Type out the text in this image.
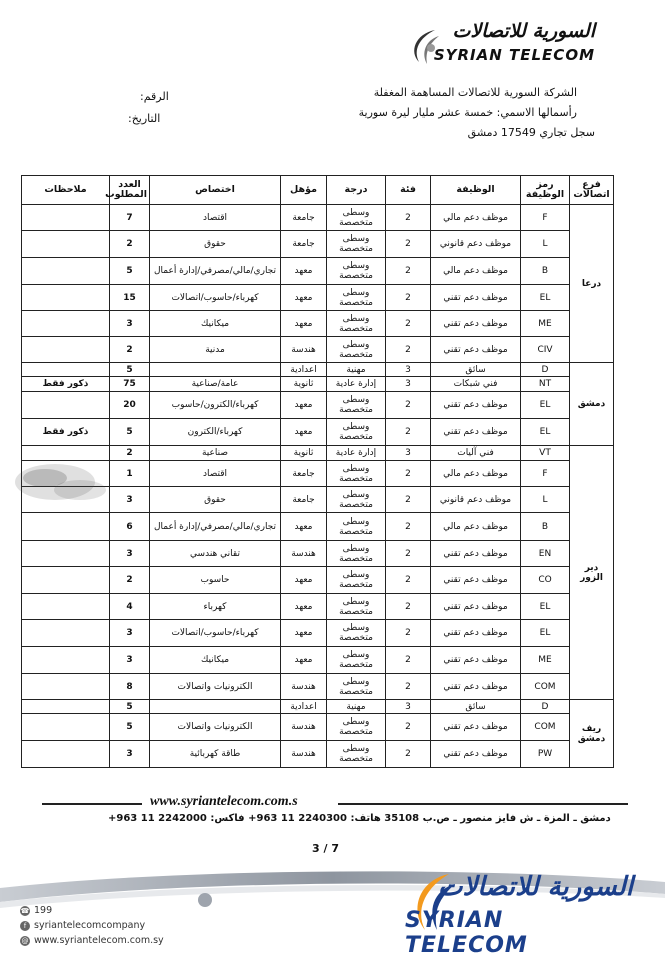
السورية للاتصالات
SYRIAN TELECOM
الشركة السورية للاتصالات المساهمة المغفلة
رأسمالها الاسمي: خمسة عشر مليار ليرة سورية
سجل تجاري 17549 دمشق
الرقم:
التاريخ:
فرع اتصالات	رمز الوظيفة	الوظيفة	فئة	درجة	مؤهل	اختصاص	العدد المطلوب	ملاحظات
درعا	F	موظف دعم مالي	2	وسطى متخصصة	جامعة	اقتصاد	7	
	L	موظف دعم قانوني	2	وسطى متخصصة	جامعة	حقوق	2	
	B	موظف دعم مالي	2	وسطى متخصصة	معهد	تجاري/مالي/مصرفي/إدارة أعمال	5	
	EL	موظف دعم تقني	2	وسطى متخصصة	معهد	كهرباء/حاسوب/اتصالات	15	
	ME	موظف دعم تقني	2	وسطى متخصصة	معهد	ميكانيك	3	
	CIV	موظف دعم تقني	2	وسطى متخصصة	هندسة	مدنية	2	
دمشق	D	سائق	3	مهنية	اعدادية		5	
	NT	فني شبكات	3	إدارة عادية	ثانوية	عامة/صناعية	75	ذكور فقط
	EL	موظف دعم تقني	2	وسطى متخصصة	معهد	كهرباء/الكترون/حاسوب	20	
	EL	موظف دعم تقني	2	وسطى متخصصة	معهد	كهرباء/الكترون	5	ذكور فقط
دير الزور	VT	فني آليات	3	إدارة عادية	ثانوية	صناعية	2	
	F	موظف دعم مالي	2	وسطى متخصصة	جامعة	اقتصاد	1	
	L	موظف دعم قانوني	2	وسطى متخصصة	جامعة	حقوق	3	
	B	موظف دعم مالي	2	وسطى متخصصة	معهد	تجاري/مالي/مصرفي/إدارة أعمال	6	
	EN	موظف دعم تقني	2	وسطى متخصصة	هندسة	تقاني هندسي	3	
	CO	موظف دعم تقني	2	وسطى متخصصة	معهد	حاسوب	2	
	EL	موظف دعم تقني	2	وسطى متخصصة	معهد	كهرباء	4	
	EL	موظف دعم تقني	2	وسطى متخصصة	معهد	كهرباء/حاسوب/اتصالات	3	
	ME	موظف دعم تقني	2	وسطى متخصصة	معهد	ميكانيك	3	
	COM	موظف دعم تقني	2	وسطى متخصصة	هندسة	الكترونيات واتصالات	8	
ريف دمشق	D	سائق	3	مهنية	اعدادية		5	
	COM	موظف دعم تقني	2	وسطى متخصصة	هندسة	الكترونيات واتصالات	5	
	PW	موظف دعم تقني	2	وسطى متخصصة	هندسة	طاقة كهربائية	3	
www.syriantelecom.com.s
دمشق ـ المزة ـ ش فايز منصور ـ ص.ب 35108 هاتف: 2240300 11 963+ فاكس: 2242000 11 963+
3 / 7
☎ 199
f syriantelecomcompany
@ www.syriantelecom.com.sy
السورية للاتصالات
SYRIAN TELECOM
